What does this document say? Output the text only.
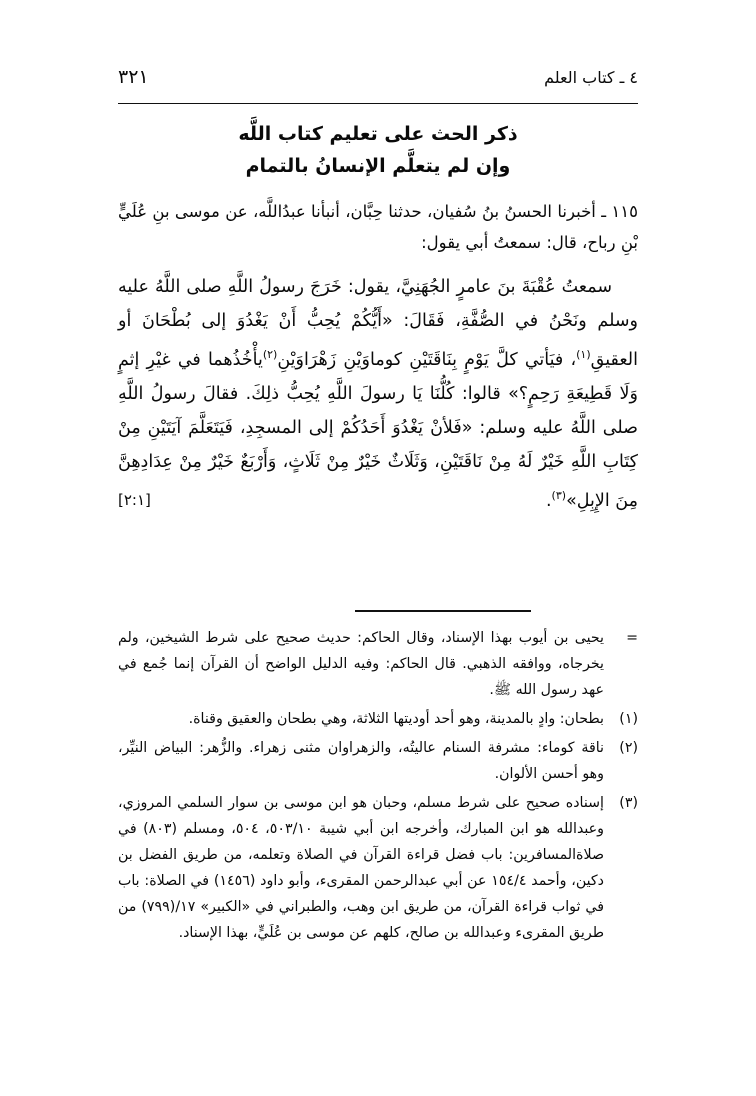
٣٢١	٤ ـ كتاب العلم
ذكر الحث على تعليم كتاب اللَّه
وإن لم يتعلَّم الإنسانُ بالتمام

١١٥ ـ أخبرنا الحسنُ بنُ سُفيان، حدثنا حِبَّان، أنبأنا عبدُاللَّه، عن موسى بنِ عُلَيٍّ بْنِ رباح، قال: سمعتُ أبي يقول:

سمعتُ عُقْبَةَ بنَ عامرٍ الجُهَنِيَّ، يقول: خَرَجَ رسولُ اللَّهِ صلى اللَّهُ عليه وسلم ونَحْنُ في الصُّفَّةِ، فَقَالَ: «أَيُّكُمْ يُحِبُّ أَنْ يَغْدُوَ إلى بُطْحَانَ أو العقيقِ$^{(١)}$، فيَأتي كلَّ يَوْمٍ بِنَاقَتَيْنِ كوماوَيْنِ زَهْرَاوَيْنِ$^{(٢)}$يأْخُذُهما في غيْرِ إثمٍ وَلَا قَطِيعَةِ رَحِمٍ؟» قالوا: كُلُّنَا يَا رسولَ اللَّهِ يُحِبُّ ذلِكَ. فقالَ رسولُ اللَّهِ صلى اللَّهُ عليه وسلم: «فَلأنْ يَغْدُوَ أَحَدُكُمْ إلى المسجِدِ، فَيَتَعَلَّمَ آيَتَيْنِ مِنْ كِتَابِ اللَّهِ خَيْرٌ لَهُ مِنْ نَاقَتَيْنِ، وَثَلَاثٌ خَيْرٌ مِنْ ثَلَاثٍ، وَأَرْبَعٌ خَيْرٌ مِنْ عِدَادِهِنَّ مِنَ الإِبِلِ»$^{(٣)}$.
[٢:١]

=
يحيى بن أيوب بهذا الإسناد، وقال الحاكم: حديث صحيح على شرط الشيخين، ولم يخرجاه، ووافقه الذهبي. قال الحاكم: وفيه الدليل الواضح أن القرآن إنما جُمع في عهد رسول الله ﷺ.
(١)
بطحان: وادٍ بالمدينة، وهو أحد أوديتها الثلاثة، وهي بطحان والعقيق وقناة.
(٢)
ناقة كوماء: مشرفة السنام عاليتُه، والزهراوان مثنى زهراء. والزُّهر: البياض النيِّر، وهو أحسن الألوان.
(٣)
إسناده صحيح على شرط مسلم، وحبان هو ابن موسى بن سوار السلمي المروزي، وعبدالله هو ابن المبارك، وأخرجه ابن أبي شيبة ٥٠٣/١٠، ٥٠٤، ومسلم (٨٠٣) في صلاةالمسافرين: باب فضل قراءة القرآن في الصلاة وتعلمه، من طريق الفضل بن دكين، وأحمد ١٥٤/٤ عن أبي عبدالرحمن المقرىء، وأبو داود (١٤٥٦) في الصلاة: باب في ثواب قراءة القرآن، من طريق ابن وهب، والطبراني في «الكبير» ١٧/(٧٩٩) من طريق المقرىء وعبدالله بن صالح، كلهم عن موسى بن عُلَيٍّ، بهذا الإسناد.
